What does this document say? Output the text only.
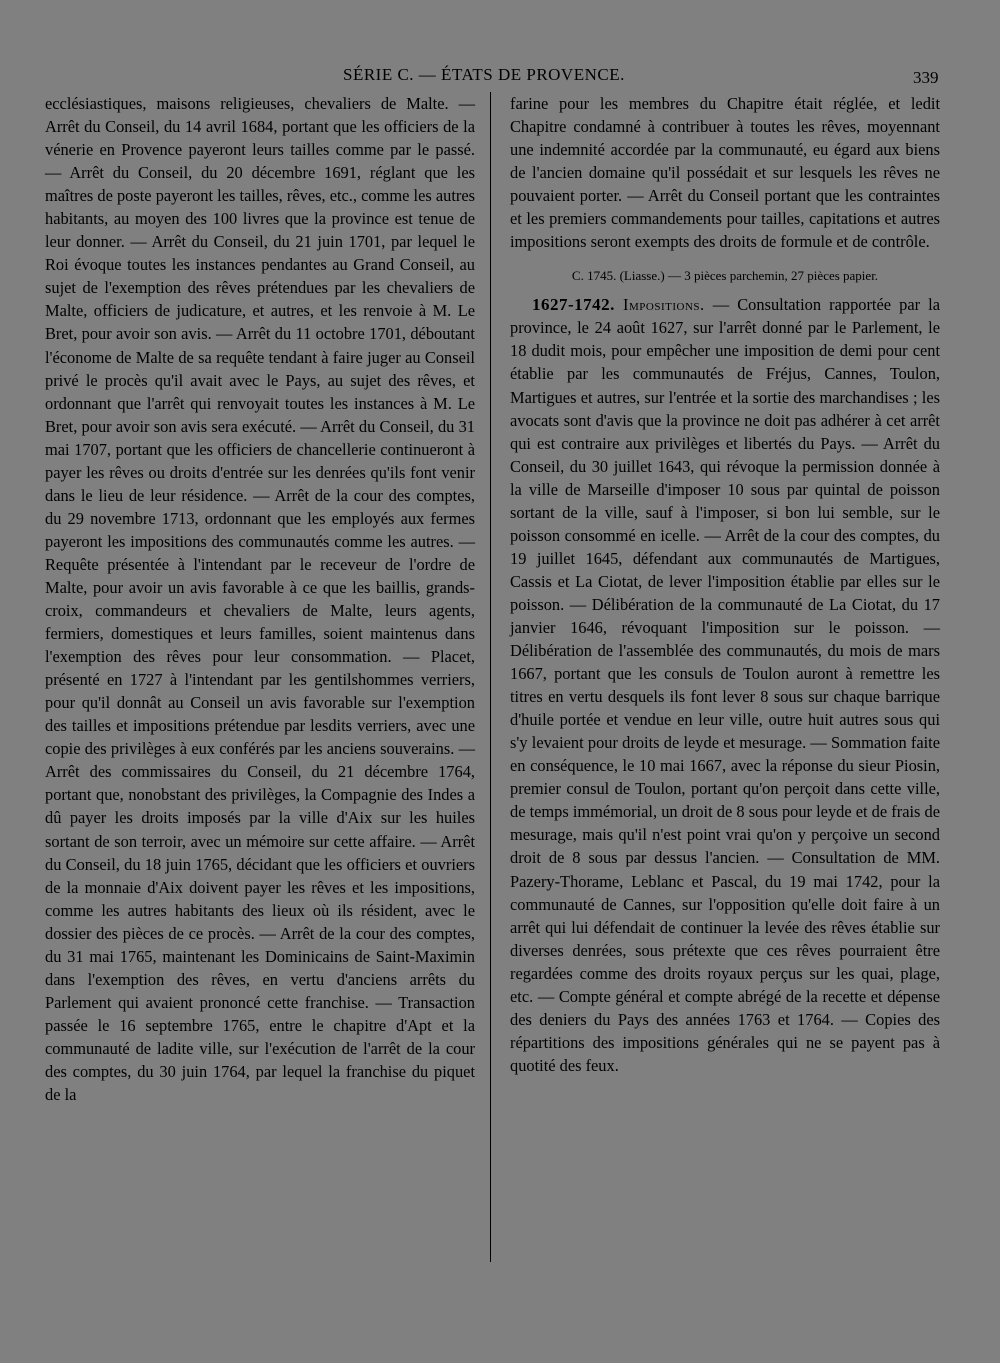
SÉRIE C. — ÉTATS DE PROVENCE.	339

ecclésiastiques, maisons religieuses, chevaliers de Malte. — Arrêt du Conseil, du 14 avril 1684, portant que les officiers de la vénerie en Provence payeront leurs tailles comme par le passé. — Arrêt du Conseil, du 20 décembre 1691, réglant que les maîtres de poste payeront les tailles, rêves, etc., comme les autres habitants, au moyen des 100 livres que la province est tenue de leur donner. — Arrêt du Conseil, du 21 juin 1701, par lequel le Roi évoque toutes les instances pendantes au Grand Conseil, au sujet de l'exemption des rêves prétendues par les chevaliers de Malte, officiers de judicature, et autres, et les renvoie à M. Le Bret, pour avoir son avis. — Arrêt du 11 octobre 1701, déboutant l'économe de Malte de sa requête tendant à faire juger au Conseil privé le procès qu'il avait avec le Pays, au sujet des rêves, et ordonnant que l'arrêt qui renvoyait toutes les instances à M. Le Bret, pour avoir son avis sera exécuté. — Arrêt du Conseil, du 31 mai 1707, portant que les officiers de chancellerie continueront à payer les rêves ou droits d'entrée sur les denrées qu'ils font venir dans le lieu de leur résidence. — Arrêt de la cour des comptes, du 29 novembre 1713, ordonnant que les employés aux fermes payeront les impositions des communautés comme les autres. — Requête présentée à l'intendant par le receveur de l'ordre de Malte, pour avoir un avis favorable à ce que les baillis, grands-croix, commandeurs et chevaliers de Malte, leurs agents, fermiers, domestiques et leurs familles, soient maintenus dans l'exemption des rêves pour leur consommation. — Placet, présenté en 1727 à l'intendant par les gentilshommes verriers, pour qu'il donnât au Conseil un avis favorable sur l'exemption des tailles et impositions prétendue par lesdits verriers, avec une copie des privilèges à eux conférés par les anciens souverains. — Arrêt des commissaires du Conseil, du 21 décembre 1764, portant que, nonobstant des privilèges, la Compagnie des Indes a dû payer les droits imposés par la ville d'Aix sur les huiles sortant de son terroir, avec un mémoire sur cette affaire. — Arrêt du Conseil, du 18 juin 1765, décidant que les officiers et ouvriers de la monnaie d'Aix doivent payer les rêves et les impositions, comme les autres habitants des lieux où ils résident, avec le dossier des pièces de ce procès. — Arrêt de la cour des comptes, du 31 mai 1765, maintenant les Dominicains de Saint-Maximin dans l'exemption des rêves, en vertu d'anciens arrêts du Parlement qui avaient prononcé cette franchise. — Transaction passée le 16 septembre 1765, entre le chapitre d'Apt et la communauté de ladite ville, sur l'exécution de l'arrêt de la cour des comptes, du 30 juin 1764, par lequel la franchise du piquet de la

farine pour les membres du Chapitre était réglée, et ledit Chapitre condamné à contribuer à toutes les rêves, moyennant une indemnité accordée par la communauté, eu égard aux biens de l'ancien domaine qu'il possédait et sur lesquels les rêves ne pouvaient porter. — Arrêt du Conseil portant que les contraintes et les premiers commandements pour tailles, capitations et autres impositions seront exempts des droits de formule et de contrôle.

C. 1745. (Liasse.) — 3 pièces parchemin, 27 pièces papier.

1627-1742. Impositions. — Consultation rapportée par la province, le 24 août 1627, sur l'arrêt donné par le Parlement, le 18 dudit mois, pour empêcher une imposition de demi pour cent établie par les communautés de Fréjus, Cannes, Toulon, Martigues et autres, sur l'entrée et la sortie des marchandises ; les avocats sont d'avis que la province ne doit pas adhérer à cet arrêt qui est contraire aux privilèges et libertés du Pays. — Arrêt du Conseil, du 30 juillet 1643, qui révoque la permission donnée à la ville de Marseille d'imposer 10 sous par quintal de poisson sortant de la ville, sauf à l'imposer, si bon lui semble, sur le poisson consommé en icelle. — Arrêt de la cour des comptes, du 19 juillet 1645, défendant aux communautés de Martigues, Cassis et La Ciotat, de lever l'imposition établie par elles sur le poisson. — Délibération de la communauté de La Ciotat, du 17 janvier 1646, révoquant l'imposition sur le poisson. — Délibération de l'assemblée des communautés, du mois de mars 1667, portant que les consuls de Toulon auront à remettre les titres en vertu desquels ils font lever 8 sous sur chaque barrique d'huile portée et vendue en leur ville, outre huit autres sous qui s'y levaient pour droits de leyde et mesurage. — Sommation faite en conséquence, le 10 mai 1667, avec la réponse du sieur Piosin, premier consul de Toulon, portant qu'on perçoit dans cette ville, de temps immémorial, un droit de 8 sous pour leyde et de frais de mesurage, mais qu'il n'est point vrai qu'on y perçoive un second droit de 8 sous par dessus l'ancien. — Consultation de MM. Pazery-Thorame, Leblanc et Pascal, du 19 mai 1742, pour la communauté de Cannes, sur l'opposition qu'elle doit faire à un arrêt qui lui défendait de continuer la levée des rêves établie sur diverses denrées, sous prétexte que ces rêves pourraient être regardées comme des droits royaux perçus sur les quai, plage, etc. — Compte général et compte abrégé de la recette et dépense des deniers du Pays des années 1763 et 1764. — Copies des répartitions des impositions générales qui ne se payent pas à quotité des feux.
